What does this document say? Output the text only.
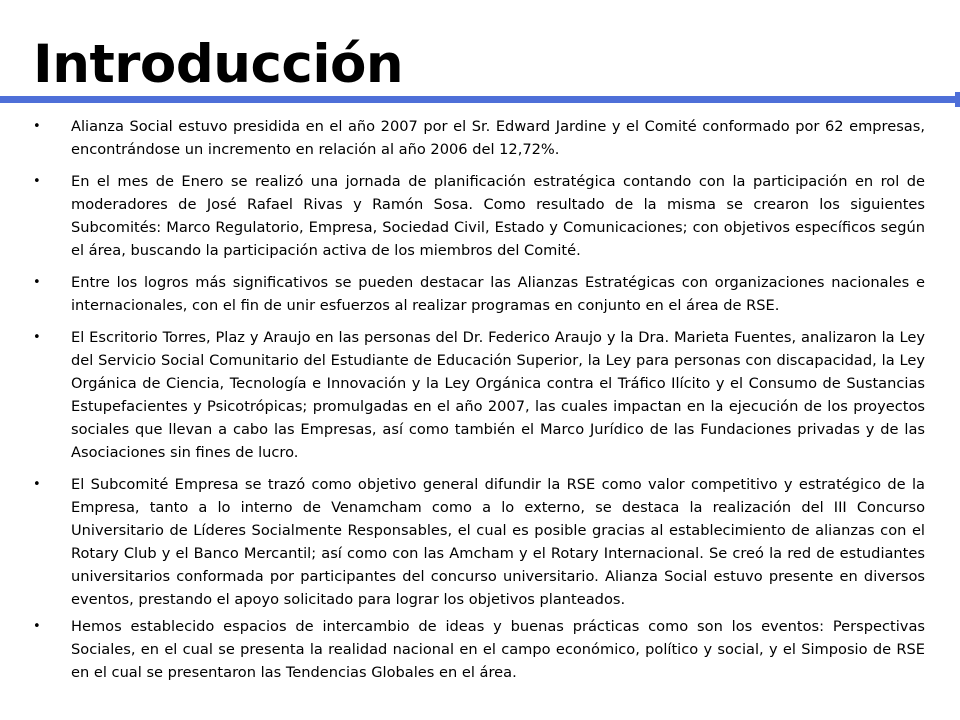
Introducción
• Alianza Social estuvo presidida en el año 2007 por el Sr. Edward Jardine y el Comité conformado por 62 empresas, encontrándose un incremento en relación al año 2006 del 12,72%.
• En el mes de Enero se realizó una jornada de planificación estratégica contando con la participación en rol de moderadores de José Rafael Rivas y Ramón Sosa. Como resultado de la misma se crearon los siguientes Subcomités: Marco Regulatorio, Empresa, Sociedad Civil, Estado y Comunicaciones; con objetivos específicos según el área, buscando la participación activa de los miembros del Comité.
• Entre los logros más significativos se pueden destacar las Alianzas Estratégicas con organizaciones nacionales e internacionales, con el fin de unir esfuerzos al realizar programas en conjunto en el área de RSE.
• El Escritorio Torres, Plaz y Araujo en las personas del Dr. Federico Araujo y la Dra. Marieta Fuentes, analizaron la Ley del Servicio Social Comunitario del Estudiante de Educación Superior, la Ley para personas con discapacidad, la Ley Orgánica de Ciencia, Tecnología e Innovación y la Ley Orgánica contra el Tráfico Ilícito y el Consumo de Sustancias Estupefacientes y Psicotrópicas; promulgadas en el año 2007, las cuales impactan en la ejecución de los proyectos sociales que llevan a cabo las Empresas, así como también el Marco Jurídico de las Fundaciones privadas y de las Asociaciones sin fines de lucro.
• El Subcomité Empresa se trazó como objetivo general difundir la RSE como valor competitivo y estratégico de la Empresa, tanto a lo interno de Venamcham como a lo externo, se destaca la realización del III Concurso Universitario de Líderes Socialmente Responsables, el cual es posible gracias al establecimiento de alianzas con el Rotary Club y el Banco Mercantil; así como con las Amcham y el Rotary Internacional. Se creó la red de estudiantes universitarios conformada por participantes del concurso universitario. Alianza Social estuvo presente en diversos eventos, prestando el apoyo solicitado para lograr los objetivos planteados.
• Hemos establecido espacios de intercambio de ideas y buenas prácticas como son los eventos: Perspectivas Sociales, en el cual se presenta la realidad nacional en el campo económico, político y social, y el Simposio de RSE en el cual se presentaron las Tendencias Globales en el área.
